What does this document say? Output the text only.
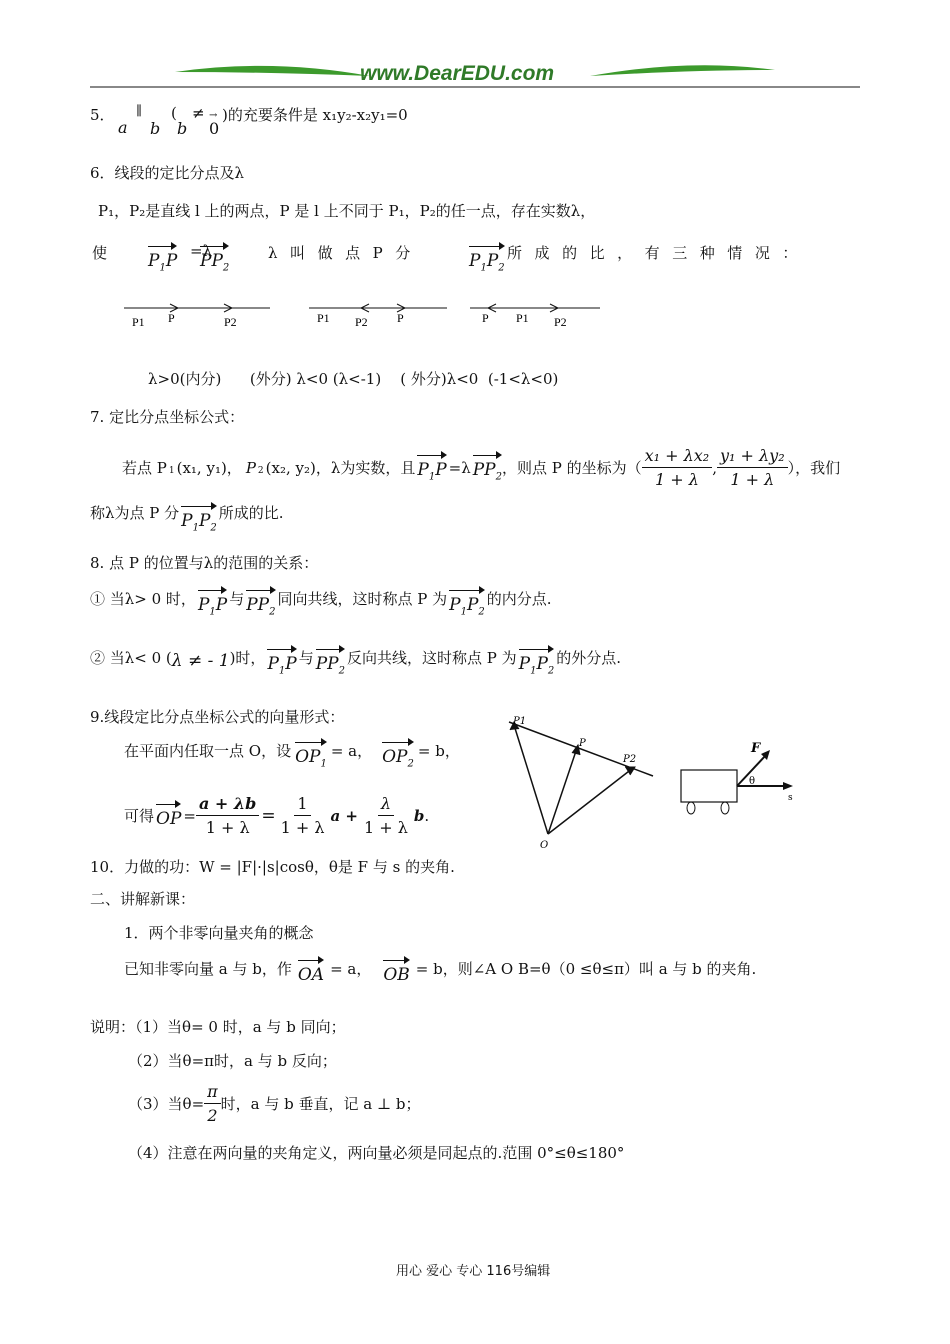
www.DearEDU.com
5．
a
∥
b
(
b
≠ →
0
)的充要条件是 x₁y₂-x₂y₁=0
6．线段的定比分点及λ
P₁，P₂是直线 l 上的两点，P 是 l 上不同于 P₁，P₂的任一点，存在实数λ，
使 $P_1P =\lambda$
$PP_2$
λ  叫  做  点  P  分	$P_1P_2$
所  成  的  比  ，  有  三  种  情  况  ：
P1 P	P2	P1 P2 P	P P1 P2
λ>0(内分)      (外分) λ<0 (λ<-1)    ( 外分)λ<0  (-1<λ<0)
7. 定比分点坐标公式：
若点 P 1 (x₁, y₁)， P 2 (x₂, y₂)，λ为实数，且 $P_1P =\lambda$ $PP_2$ ，则点 P 的坐标为（ $\frac{\text{x₁ + λx₂}}{1 + \lambda}$ , $\frac{\text{y₁ + λy₂}}{1 + \lambda}$ ），我们
称λ为点 P 分 $P_1P_2$
所成的比.
8. 点 P 的位置与λ的范围的关系：
① 当λ> 0 时， $P_1P$ 与 $PP_2$
同向共线，这时称点 P 为 $P_1P_2$
的内分点.
② 当λ< 0 ( λ ≠ - 1 )时， $P_1P$ 与 $PP_2$
反向共线，这时称点 P 为 $P_1P_2$
的外分点.
9.线段定比分点坐标公式的向量形式：
在平面内任取一点 O，设 $OP_1$
= a， $OP_2$
= b，
可得 OP = $\frac{a + \lambda b}{1 + \lambda} = \frac{1}{1 + \lambda}$ $a + \frac{\lambda}{1 + \lambda}$ b .
P1
P
P2
O
F
θ
s
10．力做的功：W = |F|·|s|cosθ，θ是 F 与 s 的夹角.
二、讲解新课：
1．两个非零向量夹角的概念
已知非零向量 a 与 b，作 OA = a， OB = b，则∠A O B=θ（0 ≤θ≤π）叫 a 与 b 的夹角.
说明：（1）当θ= 0 时，a 与 b 同向；
（2）当θ=π时，a 与 b 反向；
（3）当$\theta= \frac{\pi}{2}$ 时，a 与 b 垂直，记 a ⊥ b；
（4）注意在两向量的夹角定义，两向量必须是同起点的.范围 0°≤θ≤180°
用心 爱心 专心 116号编辑
